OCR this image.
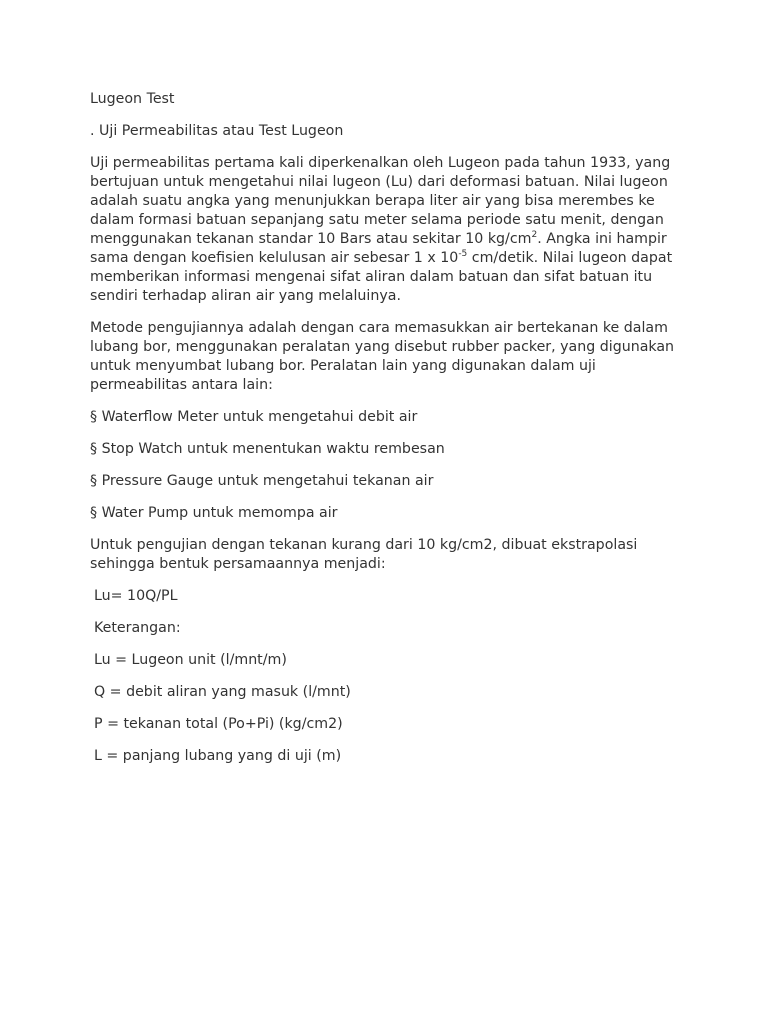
Lugeon Test

. Uji Permeabilitas atau Test Lugeon

Uji permeabilitas pertama kali diperkenalkan oleh Lugeon pada tahun 1933, yang
bertujuan untuk mengetahui nilai lugeon (Lu) dari deformasi batuan. Nilai lugeon
adalah suatu angka yang menunjukkan berapa liter air yang bisa merembes ke
dalam formasi batuan sepanjang satu meter selama periode satu menit, dengan
menggunakan tekanan standar 10 Bars atau sekitar 10 $kg/cm^2$. Angka ini hampir
sama dengan koefisien kelulusan air sebesar 1 x $10^{-5}$ cm/detik. Nilai lugeon dapat
memberikan informasi mengenai sifat aliran dalam batuan dan sifat batuan itu
sendiri terhadap aliran air yang melaluinya.

Metode pengujiannya adalah dengan cara memasukkan air bertekanan ke dalam
lubang bor, menggunakan peralatan yang disebut rubber packer, yang digunakan
untuk menyumbat lubang bor. Peralatan lain yang digunakan dalam uji
permeabilitas antara lain:

§ Waterflow Meter untuk mengetahui debit air

§ Stop Watch untuk menentukan waktu rembesan

§ Pressure Gauge untuk mengetahui tekanan air

§ Water Pump untuk memompa air

Untuk pengujian dengan tekanan kurang dari 10 kg/cm2, dibuat ekstrapolasi
sehingga bentuk persamaannya menjadi:

Lu= 10Q/PL

Keterangan:

Lu = Lugeon unit (l/mnt/m)

Q = debit aliran yang masuk (l/mnt)

P = tekanan total (Po+Pi) (kg/cm2)

L = panjang lubang yang di uji (m)
